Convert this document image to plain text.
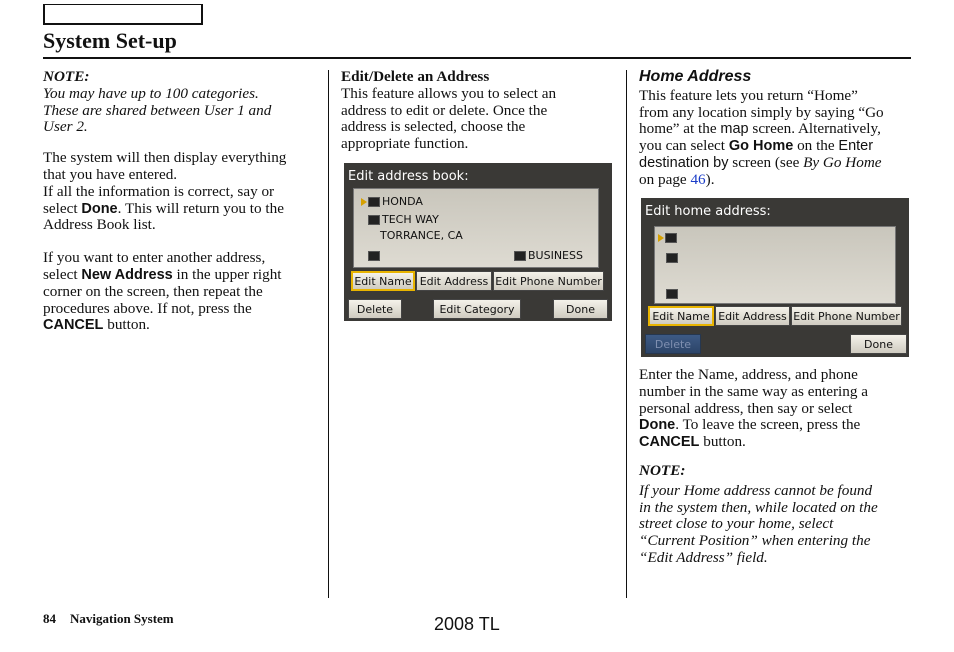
System Set-up
NOTE:
You may have up to 100 categories.
These are shared between User 1 and
User 2.
The system will then display everything
that you have entered.
If all the information is correct, say or
select Done. This will return you to the
Address Book list.
If you want to enter another address,
select New Address in the upper right
corner on the screen, then repeat the
procedures above. If not, press the
CANCEL button.
Edit/Delete an Address
This feature allows you to select an
address to edit or delete. Once the
address is selected, choose the
appropriate function.
Edit address book:
HONDA
TECH WAY
TORRANCE, CA
BUSINESS
Edit Name Edit Address Edit Phone Number
Delete	Edit Category	Done
Home Address
This feature lets you return “Home”
from any location simply by saying “Go
home” at the map screen. Alternatively,
you can select Go Home on the Enter
destination by screen (see By Go Home
on page 46).
Edit home address:
Edit Name Edit Address Edit Phone Number
Delete	Done
Enter the Name, address, and phone
number in the same way as entering a
personal address, then say or select
Done. To leave the screen, press the
CANCEL button.
NOTE:
If your Home address cannot be found
in the system then, while located on the
street close to your home, select
“Current Position” when entering the
“Edit Address” field.
84 Navigation System	2008 TL
